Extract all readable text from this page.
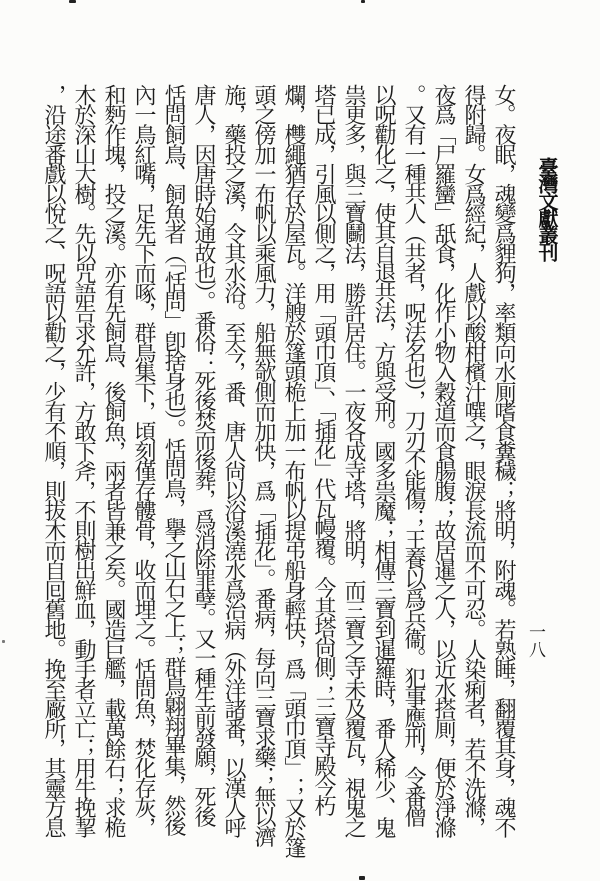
臺灣文獻叢刊
一八
女。夜眠，魂變爲貍狗，率類向水厠嗜食糞穢；將明，附魂。若熟睡，翻覆其身，魂不
得附歸。女爲經紀，人戲以酸柑檳汁噀之，眼淚長流而不可忍。人染痢者，若不洗滌，
夜爲「尸羅蠻」舐食，化作小物入穀道而食腸腹；故居暹之人，以近水搭厠，便於淨滌
。又有一種共人（共者，呪法名也），刀刃不能傷；王養以爲兵衞。犯事應刑，令番僧
以呪勸化之，使其自退共法，方與受刑。國多祟魔；相傳三寶到暹羅時，番人稀少、鬼
祟更多，與三寶鬭法，勝許居住。一夜各成寺塔，將明，而三寶之寺未及覆瓦，視鬼之
塔已成，引風以側之，用「頭巾頂」、「插花」代瓦幔覆。今其塔尙側；三寶寺殿今朽
爛，欆繩猶存於屋瓦。洋艘於篷頭桅上加一布帆以提弔船身輕快，爲「頭巾頂」；又於篷
頭之傍加一布帆以乘風力，船無欹側而加快，爲「插花」。番病，每向三寶求藥；無以濟
施，藥投之溪，令其水浴。至今，番、唐人尙以浴溪澆水爲治病（外洋諸番，以漢人呼
唐人，因唐時始通故也）。番俗：死後焚而後葬，爲消除罪孽。又一種生前發願，死後
恬問飼鳥、飼魚者（「恬問」卽捨身也）。恬問鳥，擧之山石之上；群鳥翺翔畢集，然後
內一鳥紅嘴，足先下而啄，群鳥集下，頃刻僅存髏骨，收而埋之。恬問魚，焚化存灰，
和麪作塊，投之溪。亦有先飼鳥、後飼魚，兩者皆兼之矣。國造巨艦，載萬餘石；求桅
木於深山大樹。先以咒語告求允許，方敢下斧，不則樹出鮮血，動手者立亡；用牛挽挈
，沿途番戲以悅之、呪語以勸之，少有不順，則拔木而自囘舊地。挽至廠所，其靈方息
